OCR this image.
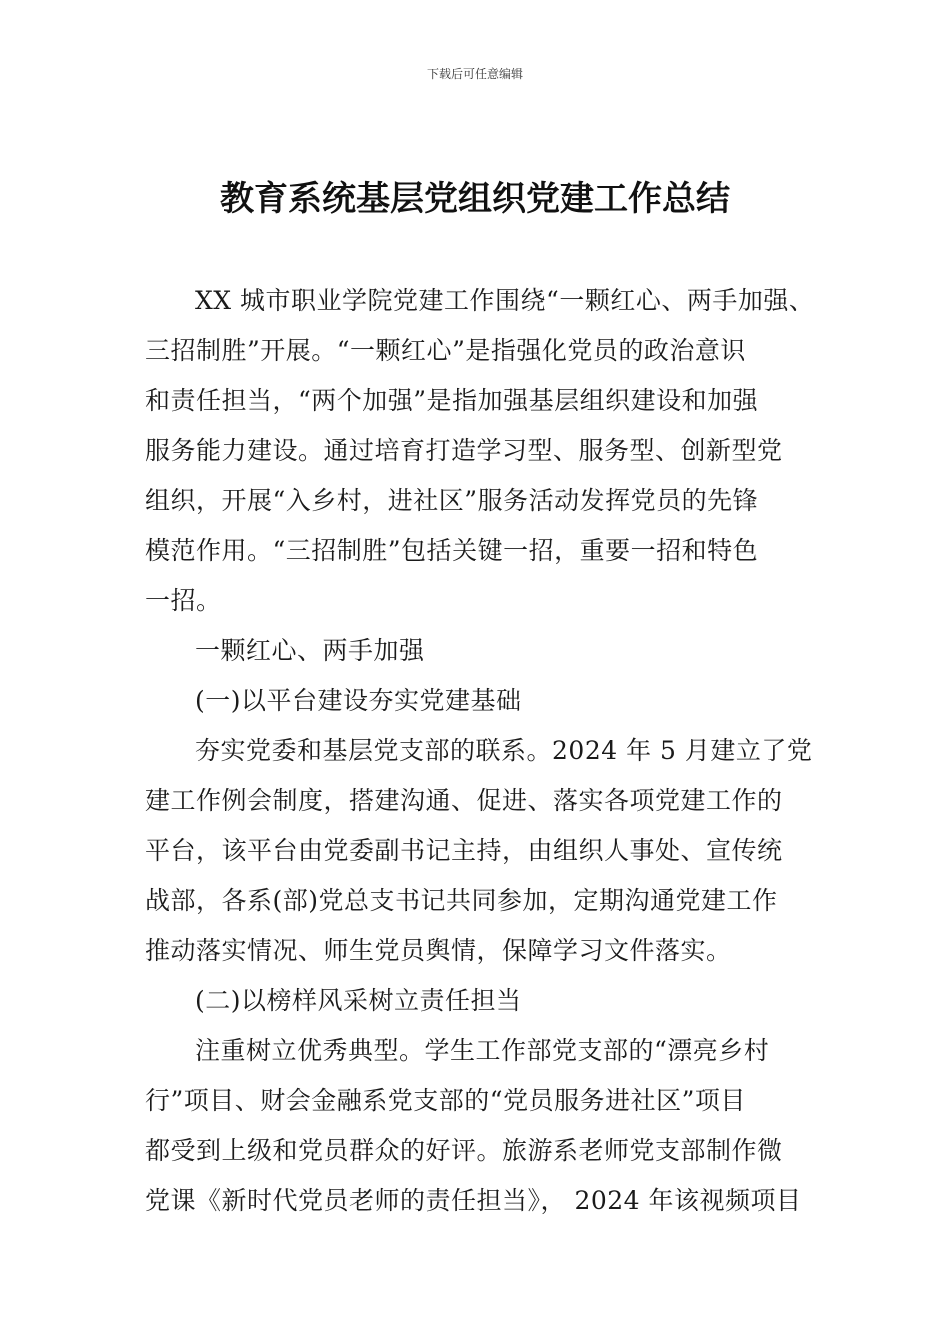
下载后可任意编辑
教育系统基层党组织党建工作总结
XX 城市职业学院党建工作围绕“一颗红心、两手加强、
三招制胜”开展。“一颗红心”是指强化党员的政治意识
和责任担当，“两个加强”是指加强基层组织建设和加强
服务能力建设。通过培育打造学习型、服务型、创新型党
组织，开展“入乡村，进社区”服务活动发挥党员的先锋
模范作用。“三招制胜”包括关键一招，重要一招和特色
一招。
一颗红心、两手加强
(一)以平台建设夯实党建基础
夯实党委和基层党支部的联系。2024 年 5 月建立了党
建工作例会制度，搭建沟通、促进、落实各项党建工作的
平台，该平台由党委副书记主持，由组织人事处、宣传统
战部，各系(部)党总支书记共同参加，定期沟通党建工作
推动落实情况、师生党员舆情，保障学习文件落实。
(二)以榜样风采树立责任担当
注重树立优秀典型。学生工作部党支部的“漂亮乡村
行”项目、财会金融系党支部的“党员服务进社区”项目
都受到上级和党员群众的好评。旅游系老师党支部制作微
党课《新时代党员老师的责任担当》， 2024 年该视频项目
